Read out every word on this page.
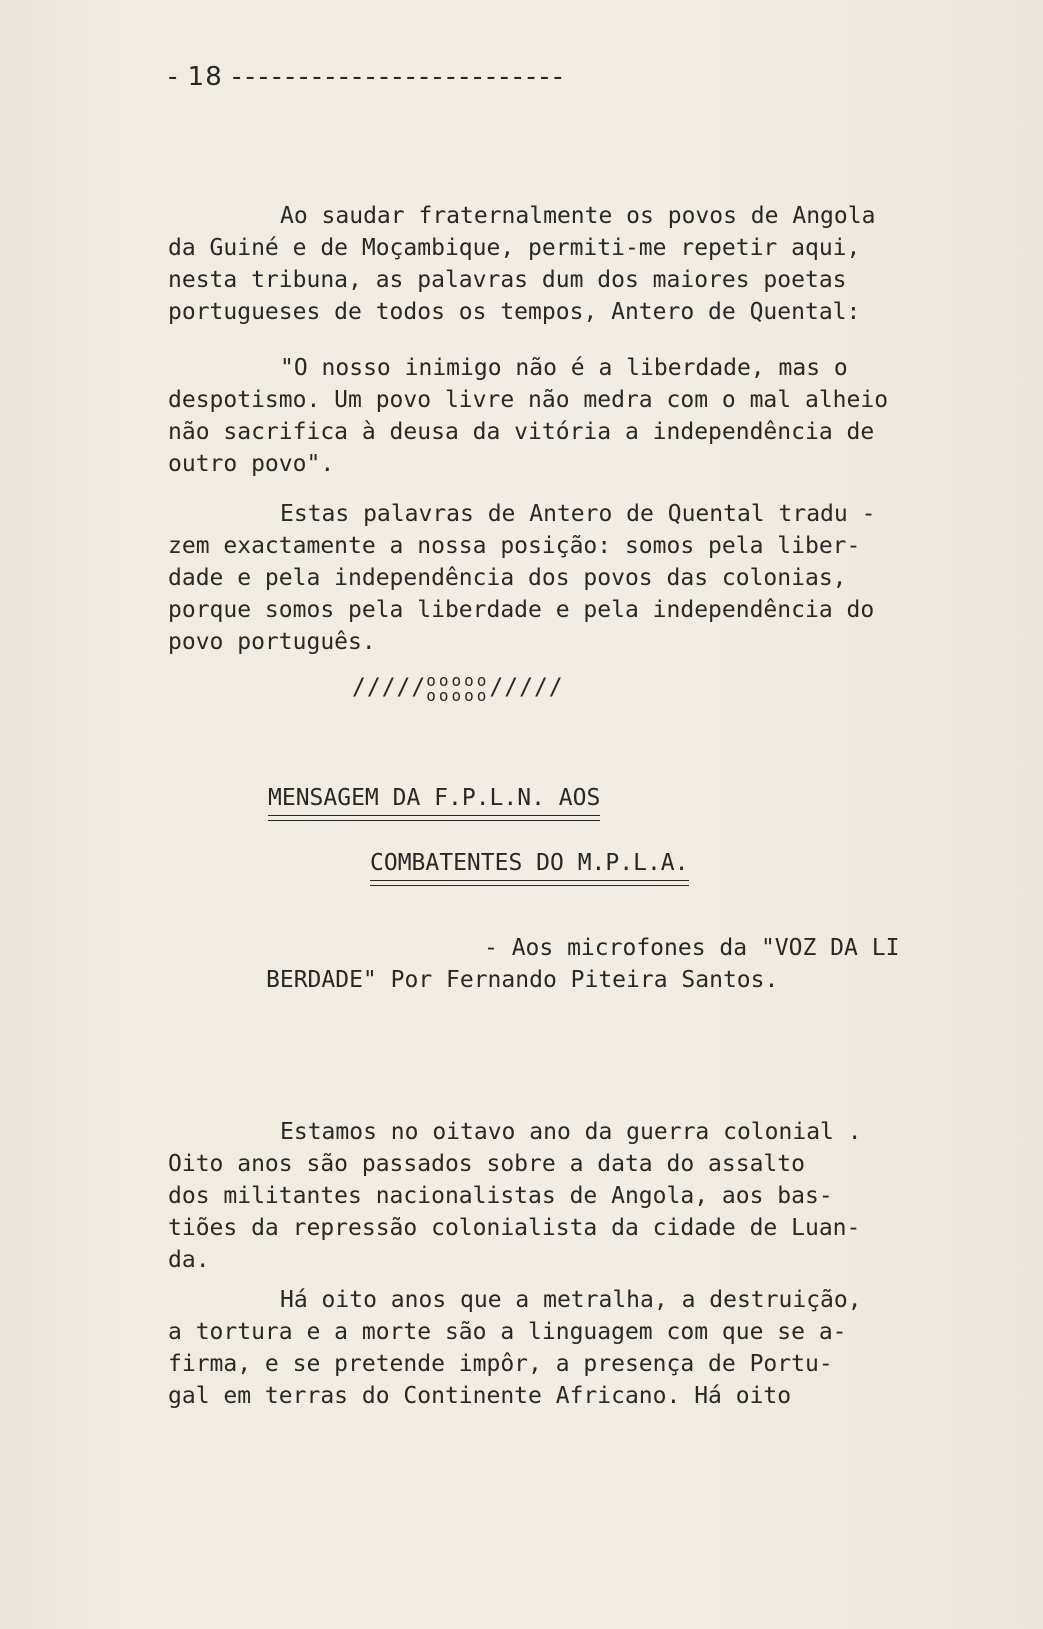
- 18 -------------------------
Ao saudar fraternalmente os povos de Angola
da Guiné e de Moçambique, permiti-me repetir aqui,
nesta tribuna, as palavras dum dos maiores poetas
portugueses de todos os tempos, Antero de Quental:
"O nosso inimigo não é a liberdade, mas o
despotismo. Um povo livre não medra com o mal alheio
não sacrifica à deusa da vitória a independência de
outro povo".
Estas palavras de Antero de Quental tradu -
zem exactamente a nossa posição: somos pela liber-
dade e pela independência dos povos das colonias,
porque somos pela liberdade e pela independência do
povo português.
///// ooooo
ooooo /////
MENSAGEM DA F.P.L.N. AOS
COMBATENTES DO M.P.L.A.
- Aos microfones da "VOZ DA LI
BERDADE" Por Fernando Piteira Santos.
Estamos no oitavo ano da guerra colonial .
Oito anos são passados sobre a data do assalto
dos militantes nacionalistas de Angola, aos bas-
tiões da repressão colonialista da cidade de Luan-
da.
Há oito anos que a metralha, a destruição,
a tortura e a morte são a linguagem com que se a-
firma, e se pretende impôr, a presença de Portu-
gal em terras do Continente Africano. Há oito
